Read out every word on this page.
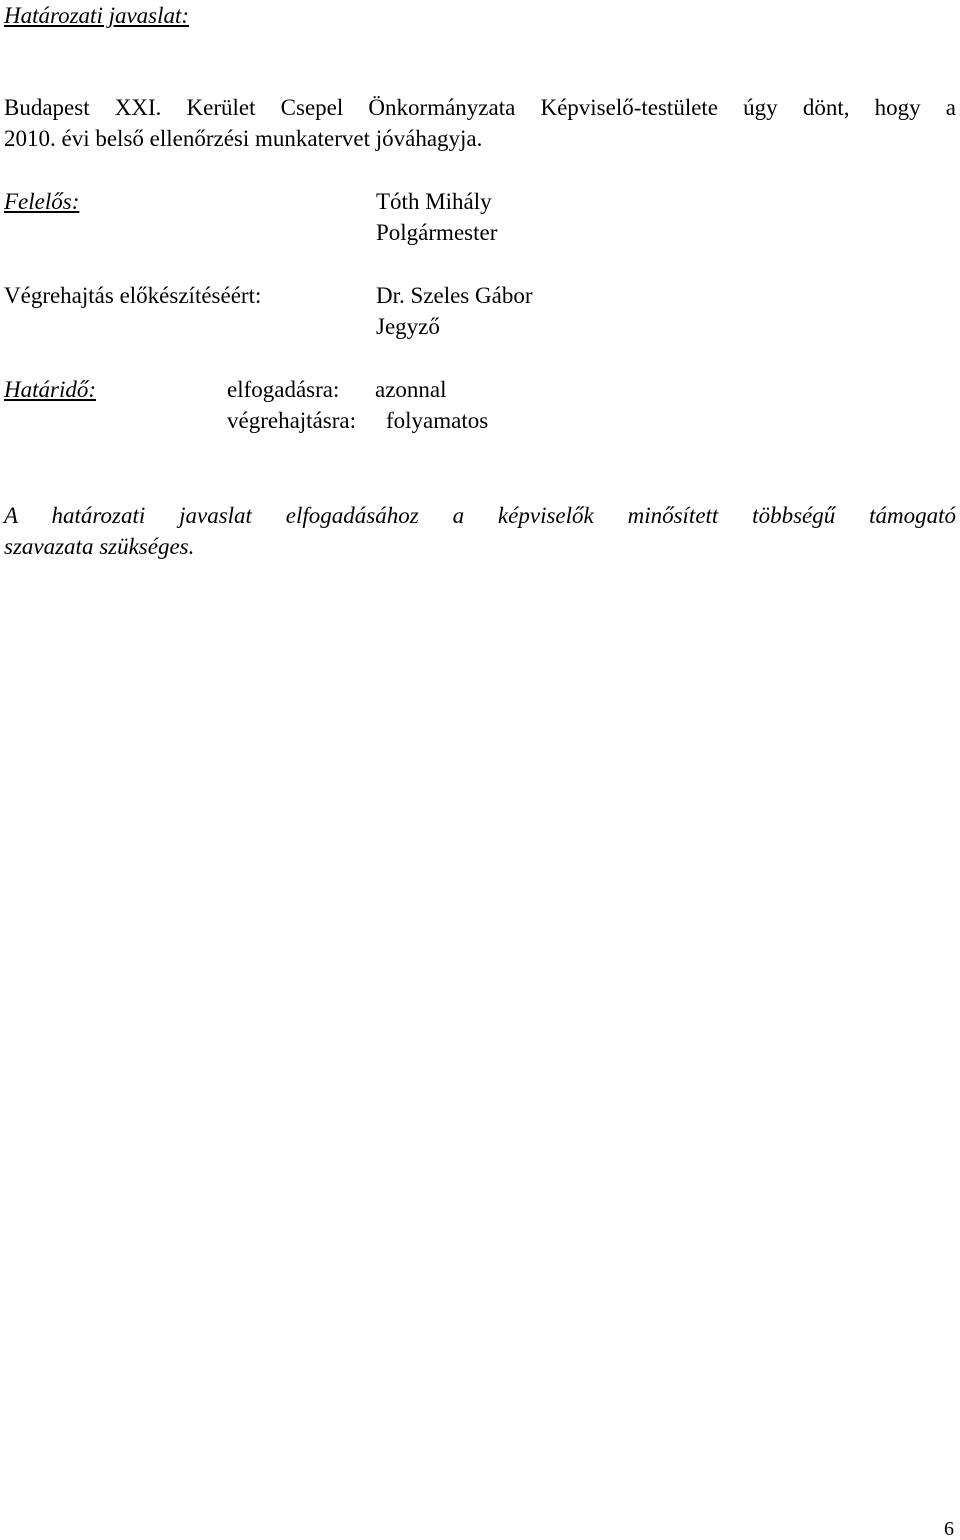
Határozati javaslat:
Budapest XXI. Kerület Csepel Önkormányzata Képviselő-testülete úgy dönt, hogy a
2010. évi belső ellenőrzési munkatervet jóváhagyja.
Felelős:	Tóth Mihály
Polgármester
Végrehajtás előkészítéséért:	Dr. Szeles Gábor
Jegyző
Határidő:	elfogadásra: azonnal
végrehajtásra: folyamatos
A határozati javaslat elfogadásához a képviselők minősített többségű támogató
szavazata szükséges.
6
